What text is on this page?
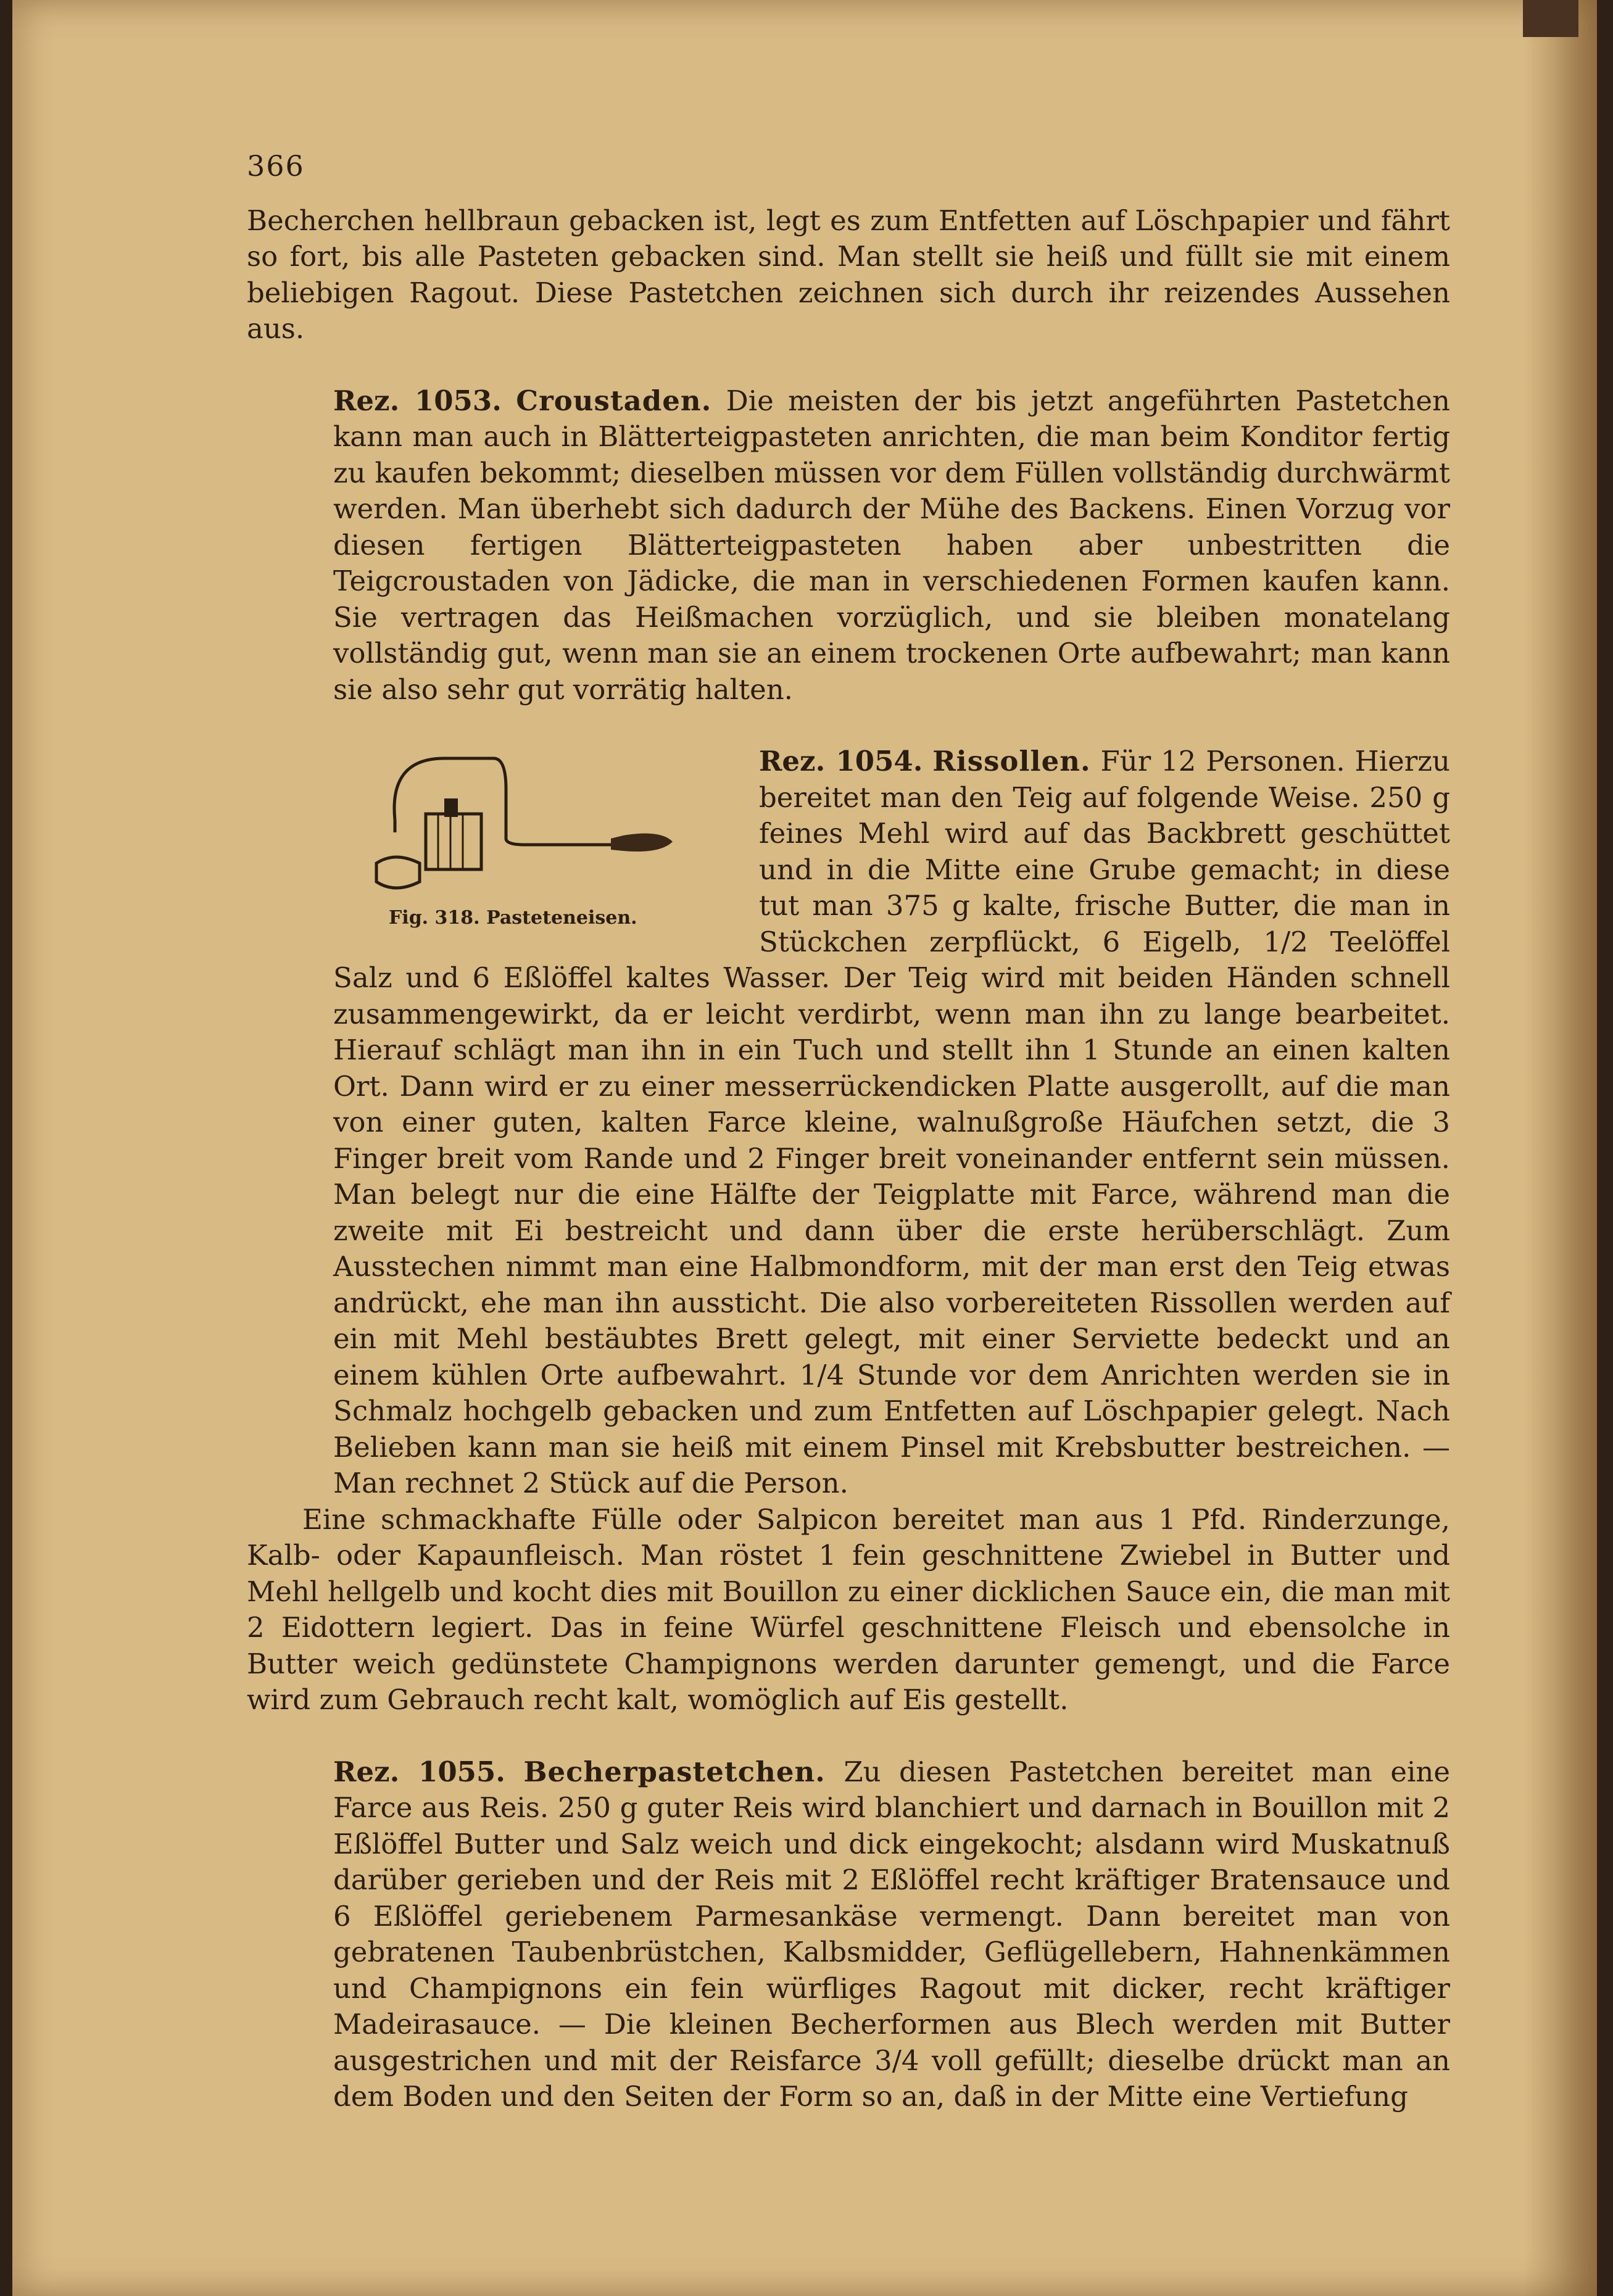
366

Becherchen hellbraun gebacken ist, legt es zum Entfetten auf Löschpapier und fährt so fort, bis alle Pasteten gebacken sind. Man stellt sie heiß und füllt sie mit einem beliebigen Ragout. Diese Pastetchen zeichnen sich durch ihr reizendes Aussehen aus.

Rez. 1053. Croustaden. Die meisten der bis jetzt angeführten Pastetchen kann man auch in Blätterteigpasteten anrichten, die man beim Konditor fertig zu kaufen bekommt; dieselben müssen vor dem Füllen vollständig durchwärmt werden. Man überhebt sich dadurch der Mühe des Backens. Einen Vorzug vor diesen fertigen Blätterteigpasteten haben aber unbestritten die Teigcroustaden von Jädicke, die man in verschiedenen Formen kaufen kann. Sie vertragen das Heißmachen vorzüglich, und sie bleiben monatelang vollständig gut, wenn man sie an einem trockenen Orte aufbewahrt; man kann sie also sehr gut vorrätig halten.

Rez. 1054. Rissollen.
Fig. 318. Pasteteneisen.
Für 12 Personen. Hierzu bereitet man den Teig auf folgende Weise. 250 g feines Mehl wird auf das Backbrett geschüttet und in die Mitte eine Grube gemacht; in diese tut man 375 g kalte, frische Butter, die man in Stückchen zerpflückt, 6 Eigelb, 1/2 Teelöffel Salz und 6 Eßlöffel kaltes Wasser. Der Teig wird mit beiden Händen schnell zusammengewirkt, da er leicht verdirbt, wenn man ihn zu lange bearbeitet. Hierauf schlägt man ihn in ein Tuch und stellt ihn 1 Stunde an einen kalten Ort. Dann wird er zu einer messerrückendicken Platte ausgerollt, auf die man von einer guten, kalten Farce kleine, walnußgroße Häufchen setzt, die 3 Finger breit vom Rande und 2 Finger breit voneinander entfernt sein müssen. Man belegt nur die eine Hälfte der Teigplatte mit Farce, während man die zweite mit Ei bestreicht und dann über die erste herüberschlägt. Zum Ausstechen nimmt man eine Halbmondform, mit der man erst den Teig etwas andrückt, ehe man ihn aussticht. Die also vorbereiteten Rissollen werden auf ein mit Mehl bestäubtes Brett gelegt, mit einer Serviette bedeckt und an einem kühlen Orte aufbewahrt. 1/4 Stunde vor dem Anrichten werden sie in Schmalz hochgelb gebacken und zum Entfetten auf Löschpapier gelegt. Nach Belieben kann man sie heiß mit einem Pinsel mit Krebsbutter bestreichen. — Man rechnet 2 Stück auf die Person.

Eine schmackhafte Fülle oder Salpicon bereitet man aus 1 Pfd. Rinderzunge, Kalb- oder Kapaunfleisch. Man röstet 1 fein geschnittene Zwiebel in Butter und Mehl hellgelb und kocht dies mit Bouillon zu einer dicklichen Sauce ein, die man mit 2 Eidottern legiert. Das in feine Würfel geschnittene Fleisch und ebensolche in Butter weich gedünstete Champignons werden darunter gemengt, und die Farce wird zum Gebrauch recht kalt, womöglich auf Eis gestellt.

Rez. 1055. Becherpastetchen. Zu diesen Pastetchen bereitet man eine Farce aus Reis. 250 g guter Reis wird blanchiert und darnach in Bouillon mit 2 Eßlöffel Butter und Salz weich und dick eingekocht; alsdann wird Muskatnuß darüber gerieben und der Reis mit 2 Eßlöffel recht kräftiger Bratensauce und 6 Eßlöffel geriebenem Parmesankäse vermengt. Dann bereitet man von gebratenen Taubenbrüstchen, Kalbsmidder, Geflügellebern, Hahnenkämmen und Champignons ein fein würfliges Ragout mit dicker, recht kräftiger Madeirasauce. — Die kleinen Becherformen aus Blech werden mit Butter ausgestrichen und mit der Reisfarce 3/4 voll gefüllt; dieselbe drückt man an dem Boden und den Seiten der Form so an, daß in der Mitte eine Vertiefung
